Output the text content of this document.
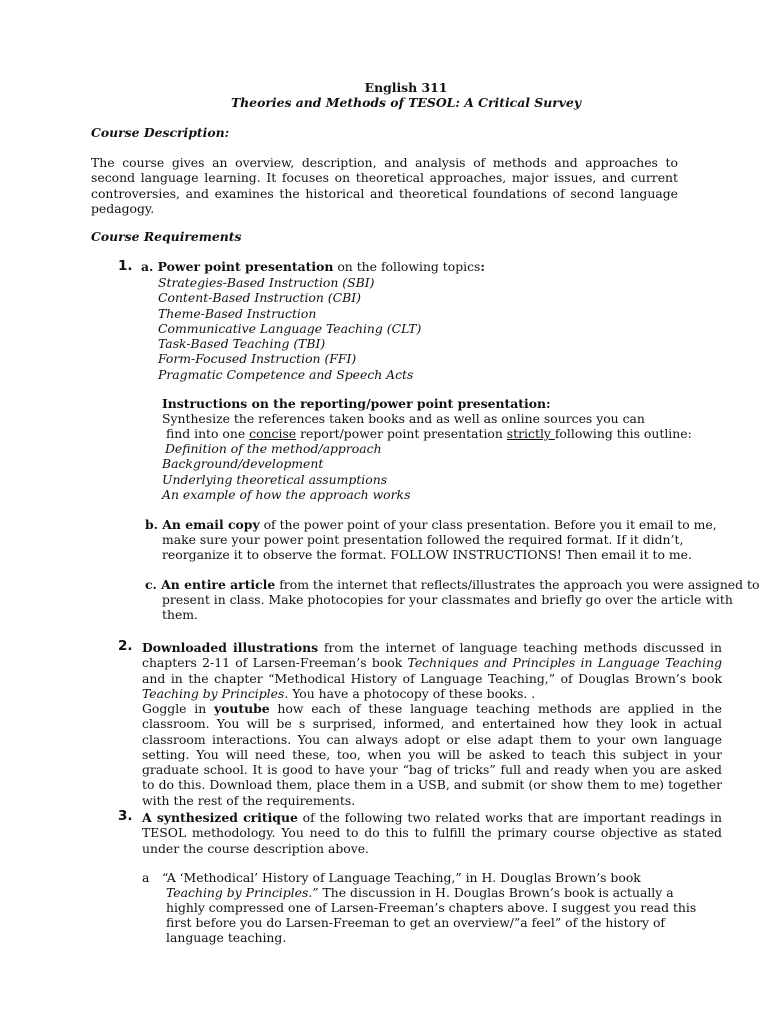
English 311
Theories and Methods of TESOL: A Critical Survey
Course Description:

The course gives an overview, description, and analysis of methods and approaches to second language learning. It focuses on theoretical approaches, major issues, and current controversies, and examines the historical and theoretical foundations of second language pedagogy.

Course Requirements
1. a. Power point presentation on the following topics:
Strategies-Based Instruction (SBI)
Content-Based Instruction (CBI)
Theme-Based Instruction
Communicative Language Teaching (CLT)
Task-Based Teaching (TBI)
Form-Focused Instruction (FFI)
Pragmatic Competence and Speech Acts
Instructions on the reporting/power point presentation:
Synthesize the references taken books and as well as online sources you can
find into one concise report/power point presentation strictly following this outline:
Definition of the method/approach
Background/development
Underlying theoretical assumptions
An example of how the approach works
b. An email copy of the power point of your class presentation. Before you it email to me,
make sure your power point presentation followed the required format. If it didn’t,
reorganize it to observe the format. FOLLOW INSTRUCTIONS! Then email it to me.
c. An entire article from the internet that reflects/illustrates the approach you were assigned to
present in class. Make photocopies for your classmates and briefly go over the article with
them.
2. Downloaded illustrations from the internet of language teaching methods discussed in chapters 2-11 of Larsen-Freeman’s book Techniques and Principles in Language Teaching and in the chapter “Methodical History of Language Teaching,” of Douglas Brown’s book Teaching by Principles. You have a photocopy of these books. .

Goggle in youtube how each of these language teaching methods are applied in the classroom. You will be s surprised, informed, and entertained how they look in actual classroom interactions. You can always adopt or else adapt them to your own language setting. You will need these, too, when you will be asked to teach this subject in your graduate school. It is good to have your “bag of tricks” full and ready when you are asked to do this. Download them, place them in a USB, and submit (or show them to me) together with the rest of the requirements.

3. A synthesized critique of the following two related works that are important readings in TESOL methodology. You need to do this to fulfill the primary course objective as stated under the course description above.

a “A ‘Methodical’ History of Language Teaching,” in H. Douglas Brown’s book
Teaching by Principles.” The discussion in H. Douglas Brown’s book is actually a
highly compressed one of Larsen-Freeman’s chapters above. I suggest you read this
first before you do Larsen-Freeman to get an overview/”a feel” of the history of
language teaching.
